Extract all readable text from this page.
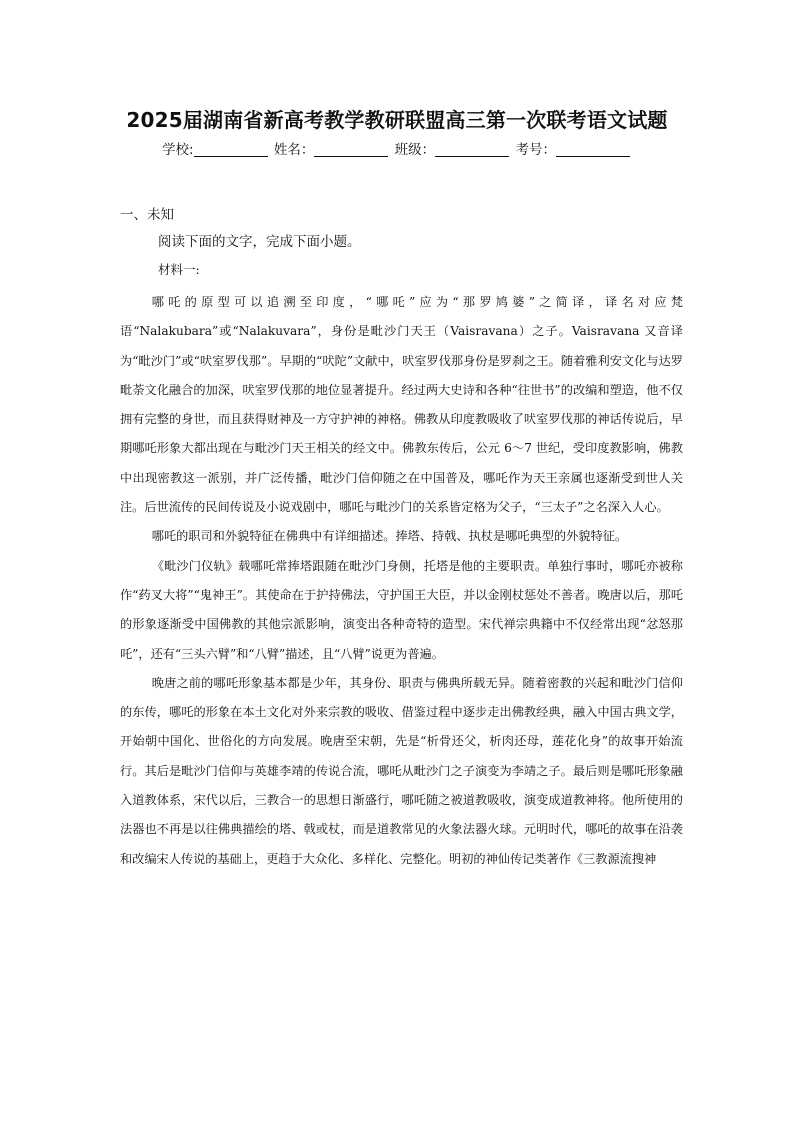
2025届湖南省新高考教学教研联盟高三第一次联考语文试题
学校:	姓名：	班级：	考号：
一、未知
阅读下面的文字，完成下面小题。
材料一:

哪吒的原型可以追溯至印度，“哪吒”应为“那罗鸠婆”之简译，译名对应梵语“Nalakubara”或“Nalakuvara”，身份是毗沙门天王（Vaisravana）之子。Vaisravana 又音译为“毗沙门”或“吠室罗伐那”。早期的“吠陀”文献中，吠室罗伐那身份是罗刹之王。随着雅利安文化与达罗毗荼文化融合的加深，吠室罗伐那的地位显著提升。经过两大史诗和各种“往世书”的改编和塑造，他不仅拥有完整的身世，而且获得财神及一方守护神的神格。佛教从印度教吸收了吠室罗伐那的神话传说后，早期哪吒形象大都出现在与毗沙门天王相关的经文中。佛教东传后，公元 6～7 世纪，受印度教影响，佛教中出现密教这一派别，并广泛传播，毗沙门信仰随之在中国普及，哪吒作为天王亲属也逐渐受到世人关注。后世流传的民间传说及小说戏剧中，哪吒与毗沙门的关系皆定格为父子，“三太子”之名深入人心。

哪吒的职司和外貌特征在佛典中有详细描述。捧塔、持戟、执杖是哪吒典型的外貌特征。

《毗沙门仪轨》载哪吒常捧塔跟随在毗沙门身侧，托塔是他的主要职责。单独行事时，哪吒亦被称作“药叉大将”“鬼神王”。其使命在于护持佛法，守护国王大臣，并以金刚杖惩处不善者。晚唐以后，那吒的形象逐渐受中国佛教的其他宗派影响，演变出各种奇特的造型。宋代禅宗典籍中不仅经常出现“忿怒那吒”，还有“三头六臂”和“八臂”描述，且“八臂”说更为普遍。

晚唐之前的哪吒形象基本都是少年，其身份、职责与佛典所载无异。随着密教的兴起和毗沙门信仰的东传，哪吒的形象在本土文化对外来宗教的吸收、借鉴过程中逐步走出佛教经典，融入中国古典文学，开始朝中国化、世俗化的方向发展。晚唐至宋朝，先是“析骨还父，析肉还母，莲花化身”的故事开始流行。其后是毗沙门信仰与英雄李靖的传说合流，哪吒从毗沙门之子演变为李靖之子。最后则是哪吒形象融入道教体系，宋代以后，三教合一的思想日渐盛行，哪吒随之被道教吸收，演变成道教神将。他所使用的法器也不再是以往佛典描绘的塔、戟或杖，而是道教常见的火象法器火球。元明时代，哪吒的故事在沿袭和改编宋人传说的基础上，更趋于大众化、多样化、完整化。明初的神仙传记类著作《三教源流搜神
